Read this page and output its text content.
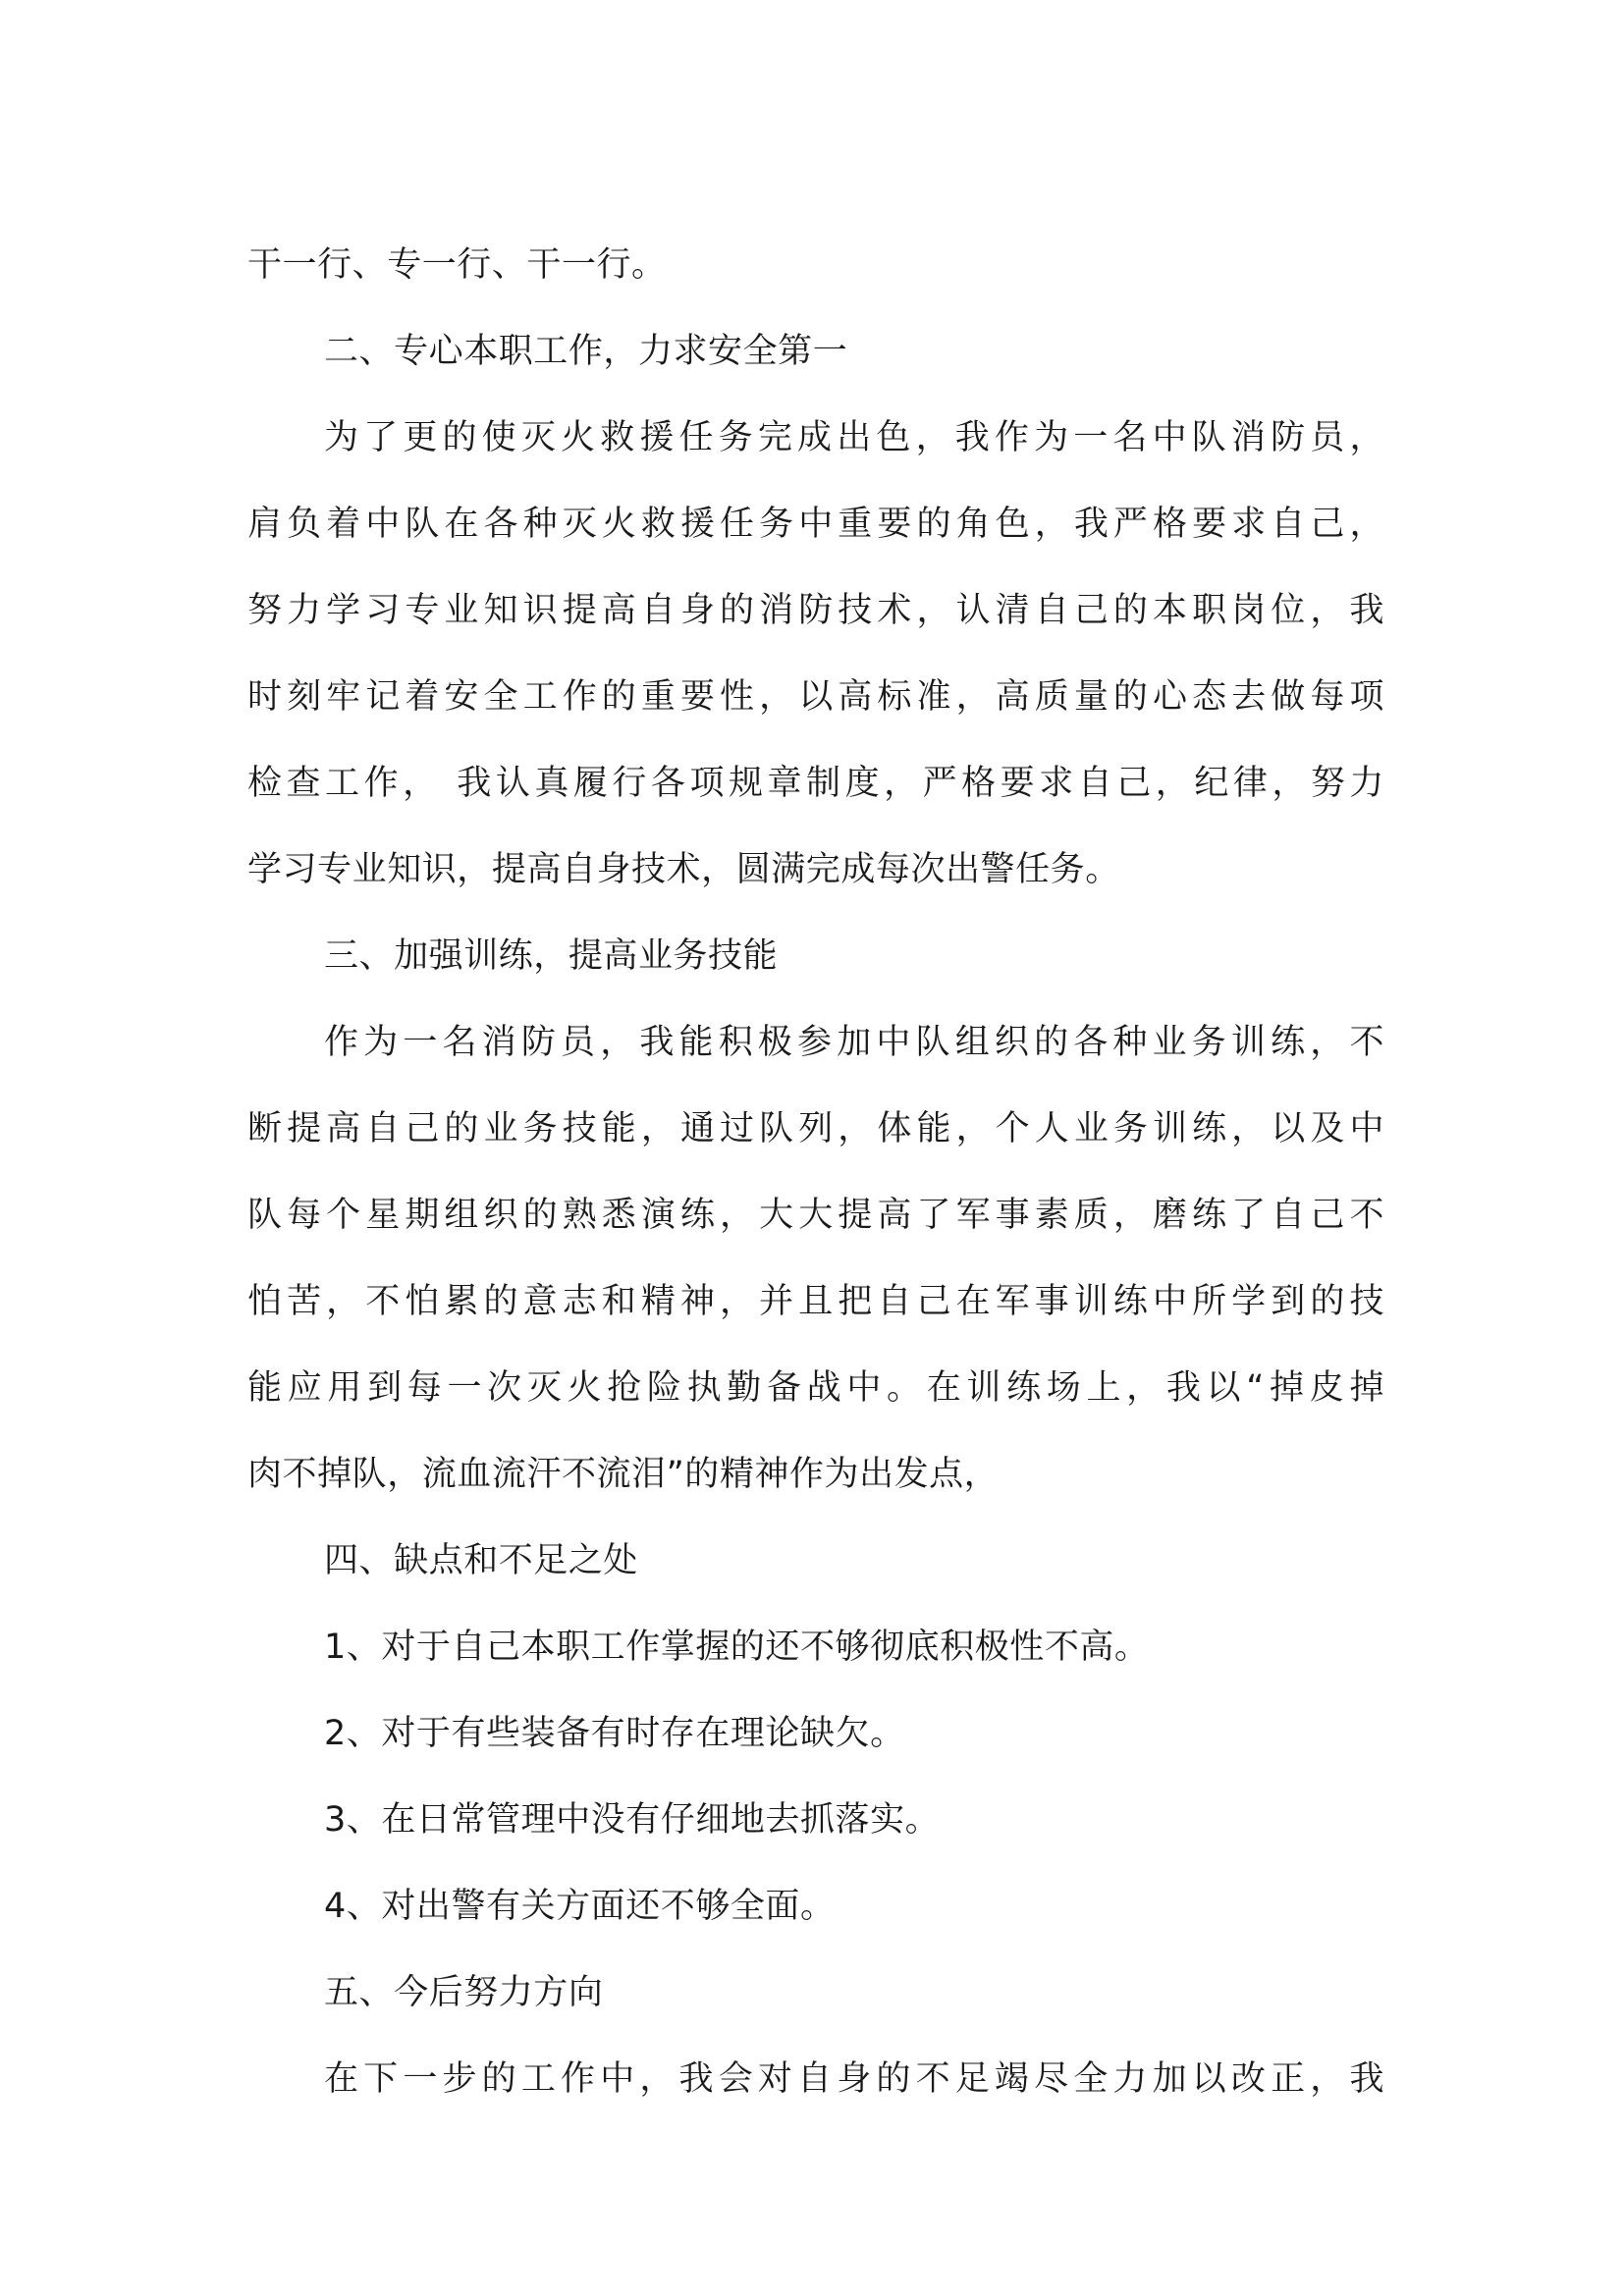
干一行、专一行、干一行。
二、专心本职工作，力求安全第一
为了更的使灭火救援任务完成出色，我作为一名中队消防员，
肩负着中队在各种灭火救援任务中重要的角色，我严格要求自己，
努力学习专业知识提高自身的消防技术，认清自己的本职岗位，我
时刻牢记着安全工作的重要性，以高标准，高质量的心态去做每项
检查工作， 我认真履行各项规章制度，严格要求自己，纪律，努力
学习专业知识，提高自身技术，圆满完成每次出警任务。
三、加强训练，提高业务技能
作为一名消防员，我能积极参加中队组织的各种业务训练，不
断提高自己的业务技能，通过队列，体能，个人业务训练，以及中
队每个星期组织的熟悉演练，大大提高了军事素质，磨练了自己不
怕苦，不怕累的意志和精神，并且把自己在军事训练中所学到的技
能应用到每一次灭火抢险执勤备战中。在训练场上，我以“掉皮掉
肉不掉队，流血流汗不流泪”的精神作为出发点，
四、缺点和不足之处
1、对于自己本职工作掌握的还不够彻底积极性不高。
2、对于有些装备有时存在理论缺欠。
3、在日常管理中没有仔细地去抓落实。
4、对出警有关方面还不够全面。
五、今后努力方向
在下一步的工作中，我会对自身的不足竭尽全力加以改正，我
